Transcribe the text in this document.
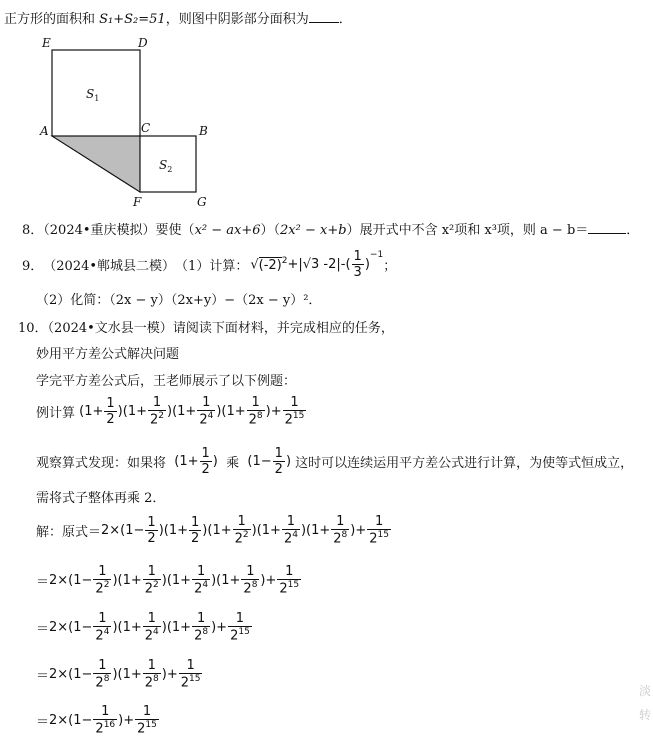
正方形的面积和 S₁+S₂=51，则图中阴影部分面积为 ．
E	D
A	C	B
F	G
$S_1$
$S_2$
8．（2024•重庆模拟）要使（x² − ax+6）（2x² − x+b）展开式中不含 x²项和 x³项，则 a − b＝	．
9． （2024•郸城县二模） （1）计算： $√(-2)^2 +|√3$ $-2|-( \frac{1}{3}$ )
$^{-1}$
；
（2）化简：（2x − y）（2x+y）−（2x − y）²．
10．（2024•文水县一模）请阅读下面材料，并完成相应的任务，
妙用平方差公式解决问题
学完平方差公式后，王老师展示了以下例题：
例计算 $(1+ \frac{1}{2} )(1+ \frac{1}{2^2} )(1+ \frac{1}{2^4} )(1+ \frac{1}{2^8}$ )+ $\frac{1}{2^{15}}$
观察算式发现：如果将 ($1+ \frac{1}{2}$ ) 乘 ($1- \frac{1}{2}$ ) 这时可以连续运用平方差公式进行计算，为使等式恒成立，
需将式子整体再乘 2．
解：原式＝ $2\times(1- \frac{1}{2} )(1+ \frac{1}{2} )(1+ \frac{1}{2^2} )(1+ \frac{1}{2^4} )(1+ \frac{1}{2^8}$ )+ $\frac{1}{2^{15}}$
＝ $2\times(1- \frac{1}{2^2} )(1+ \frac{1}{2^2} )(1+ \frac{1}{2^4} )(1+ \frac{1}{2^8}$ )+ $\frac{1}{2^{15}}$
＝ $2\times(1- \frac{1}{2^4} )(1+ \frac{1}{2^4} )(1+ \frac{1}{2^8}$ )+ $\frac{1}{2^{15}}$
＝ $2\times(1- \frac{1}{2^8} )(1+ \frac{1}{2^8}$ )+ $\frac{1}{2^{15}}$
＝ $2\times(1- \frac{1}{2^{16}}$ )+ $\frac{1}{2^{15}}$
淡
转
